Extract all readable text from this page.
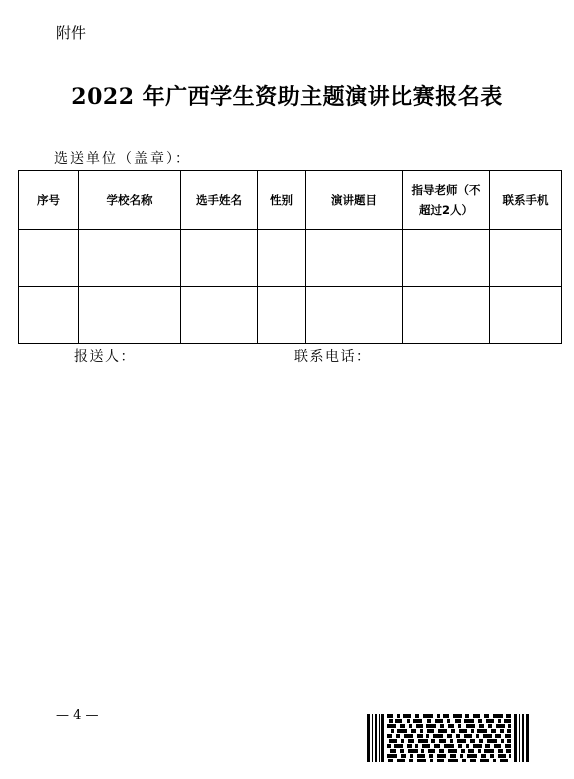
附件
2022 年广西学生资助主题演讲比赛报名表
选送单位（盖章）：
序号	学校名称	选手姓名	性别	演讲题目	指导老师（不
超过2人）	联系手机

报送人：	联系电话：
— 4 —
